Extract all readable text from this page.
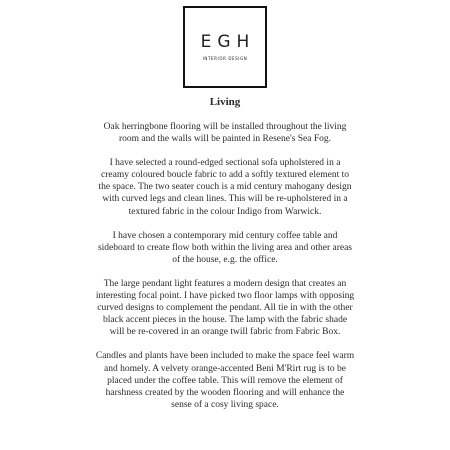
EGH
INTERIOR DESIGN
Living

Oak herringbone flooring will be installed throughout the living room and the walls will be painted in Resene's Sea Fog.

I have selected a round-edged sectional sofa upholstered in a creamy coloured boucle fabric to add a softly textured element to the space. The two seater couch is a mid century mahogany design with curved legs and clean lines. This will be re-upholstered in a textured fabric in the colour Indigo from Warwick.

I have chosen a contemporary mid century coffee table and sideboard to create flow both within the living area and other areas of the house, e.g. the office.

The large pendant light features a modern design that creates an interesting focal point. I have picked two floor lamps with opposing curved designs to complement the pendant. All tie in with the other black accent pieces in the house. The lamp with the fabric shade will be re-covered in an orange twill fabric from Fabric Box.

Candles and plants have been included to make the space feel warm and homely. A velvety orange-accented Beni M'Rirt rug is to be placed under the coffee table. This will remove the element of harshness created by the wooden flooring and will enhance the sense of a cosy living space.
